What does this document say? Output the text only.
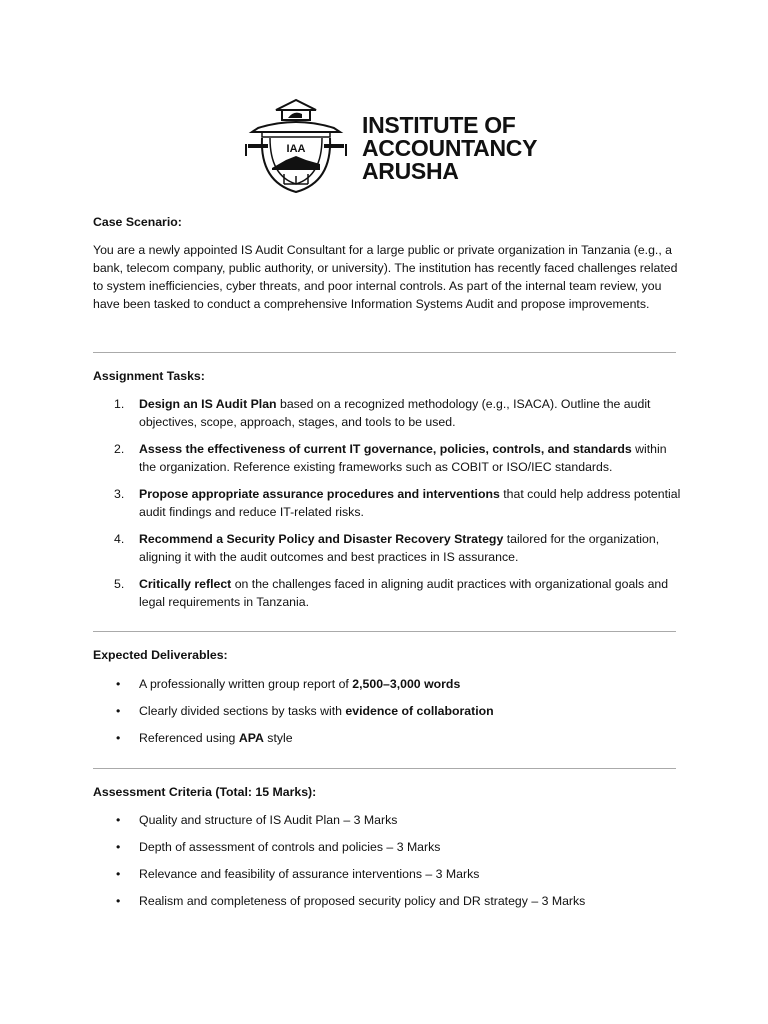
IAA
INSTITUTE OF
ACCOUNTANCY
ARUSHA
Case Scenario:

You are a newly appointed IS Audit Consultant for a large public or private organization in Tanzania (e.g., a bank, telecom company, public authority, or university). The institution has recently faced challenges related to system inefficiencies, cyber threats, and poor internal controls. As part of the internal team review, you have been tasked to conduct a comprehensive Information Systems Audit and propose improvements.

Assignment Tasks:
1. Design an IS Audit Plan based on a recognized methodology (e.g., ISACA). Outline the audit objectives, scope, approach, stages, and tools to be used.
2. Assess the effectiveness of current IT governance, policies, controls, and standards within the organization. Reference existing frameworks such as COBIT or ISO/IEC standards.
3. Propose appropriate assurance procedures and interventions that could help address potential audit findings and reduce IT-related risks.
4. Recommend a Security Policy and Disaster Recovery Strategy tailored for the organization, aligning it with the audit outcomes and best practices in IS assurance.
5. Critically reflect on the challenges faced in aligning audit practices with organizational goals and legal requirements in Tanzania.
Expected Deliverables:
• A professionally written group report of 2,500–3,000 words
• Clearly divided sections by tasks with evidence of collaboration
• Referenced using APA style
Assessment Criteria (Total: 15 Marks):
• Quality and structure of IS Audit Plan – 3 Marks
• Depth of assessment of controls and policies – 3 Marks
• Relevance and feasibility of assurance interventions – 3 Marks
• Realism and completeness of proposed security policy and DR strategy – 3 Marks
